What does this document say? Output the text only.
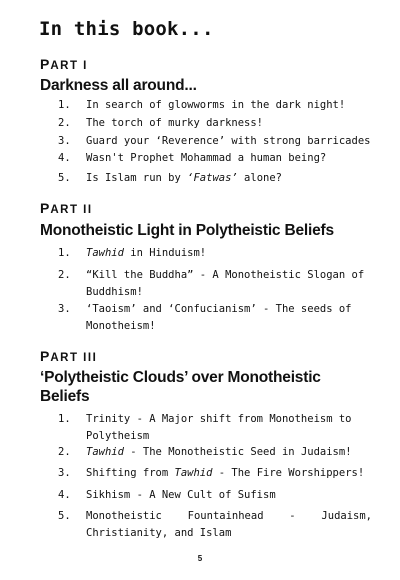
In this book...
PART I
Darkness all around...
1.	In search of glowworms in the dark night!
2.	The torch of murky darkness!
3.	Guard your ‘Reverence’ with strong barricades
4.	Wasn't Prophet Mohammad a human being?
5.	Is Islam run by ‘Fatwas’ alone?
PART II
Monotheistic Light in Polytheistic Beliefs
1.	Tawhid in Hinduism!
2.	“Kill the Buddha” - A Monotheistic Slogan of Buddhism!
3.	‘Taoism’ and ‘Confucianism’ - The seeds of Monotheism!
PART III
‘Polytheistic Clouds’ over Monotheistic Beliefs
1.	Trinity - A Major shift from Monotheism to Polytheism
2.	Tawhid - The Monotheistic Seed in Judaism!
3.	Shifting from Tawhid - The Fire Worshippers!
4.	Sikhism - A New Cult of Sufism
5.	Monotheistic Fountainhead - Judaism, Christianity, and Islam
5
